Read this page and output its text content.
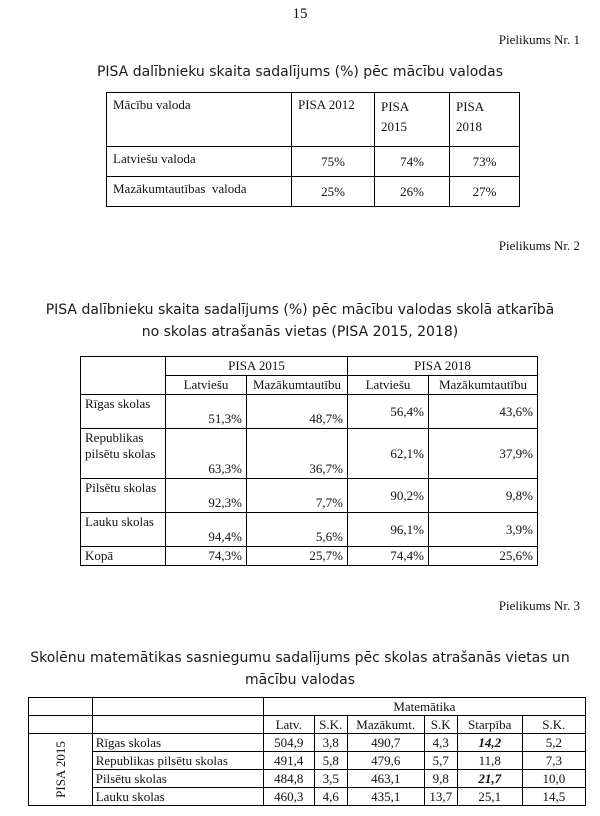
15
Pielikums Nr. 1
PISA dalībnieku skaita sadalījums (%) pēc mācību valodas
Mācību valoda	PISA 2012	PISA 2015	PISA 2018
Latviešu valoda	75%	74%	73%
Mazākumtautības  valoda	25%	26%	27%
Pielikums Nr. 2
PISA dalībnieku skaita sadalījums (%) pēc mācību valodas skolā atkarībā
no skolas atrašanās vietas (PISA 2015, 2018)
	PISA 2015		PISA 2018	
	Latviešu	Mazākumtautību	Latviešu	Mazākumtautību
Rīgas skolas	51,3%	48,7%	56,4%	43,6%
Republikas pilsētu skolas	63,3%	36,7%	62,1%	37,9%
Pilsētu skolas	92,3%	7,7%	90,2%	9,8%
Lauku skolas	94,4%	5,6%	96,1%	3,9%
Kopā	74,3%	25,7%	74,4%	25,6%
Pielikums Nr. 3
Skolēnu matemātikas sasniegumu sadalījums pēc skolas atrašanās vietas un
mācību valodas
		Matemātika					
		Latv.	S.K.	Mazākumt.	S.K	Starpība	S.K.
PISA 2015	Rīgas skolas	504,9	3,8	490,7	4,3	14,2	5,2
	Republikas pilsētu skolas	491,4	5,8	479,6	5,7	11,8	7,3
	Pilsētu skolas	484,8	3,5	463,1	9,8	21,7	10,0
	Lauku skolas	460,3	4,6	435,1	13,7	25,1	14,5
